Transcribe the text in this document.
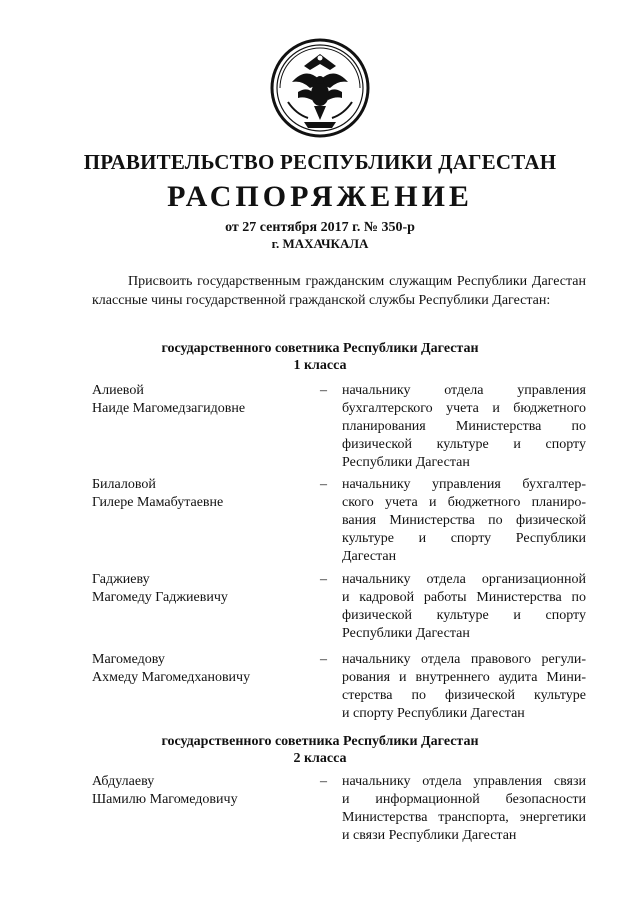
ПРАВИТЕЛЬСТВО РЕСПУБЛИКИ ДАГЕСТАН
РАСПОРЯЖЕНИЕ
от 27 сентября 2017 г. № 350-р
г. МАХАЧКАЛА

Присвоить государственным гражданским служащим Республики Дагестан классные чины государственной гражданской службы Республики Дагестан:

государственного советника Республики Дагестан
1 класса
Алиевой
Наиде Магомедзагидовне
–	начальнику отдела управления
бухгалтерского учета и бюджетного
планирования Министерства по
физической культуре и спорту
Республики Дагестан
Билаловой
Гилере Мамабутаевне
–	начальнику управления бухгалтер-
ского учета и бюджетного планиро-
вания Министерства по физической
культуре и спорту Республики
Дагестан
Гаджиеву
Магомеду Гаджиевичу
–	начальнику отдела организационной
и кадровой работы Министерства по
физической культуре и спорту
Республики Дагестан
Магомедову
Ахмеду Магомедхановичу
–	начальнику отдела правового регули-
рования и внутреннего аудита Мини-
стерства по физической культуре
и спорту Республики Дагестан
государственного советника Республики Дагестан
2 класса
Абдулаеву
Шамилю Магомедовичу
–	начальнику отдела управления связи
и информационной безопасности
Министерства транспорта, энергетики
и связи Республики Дагестан
